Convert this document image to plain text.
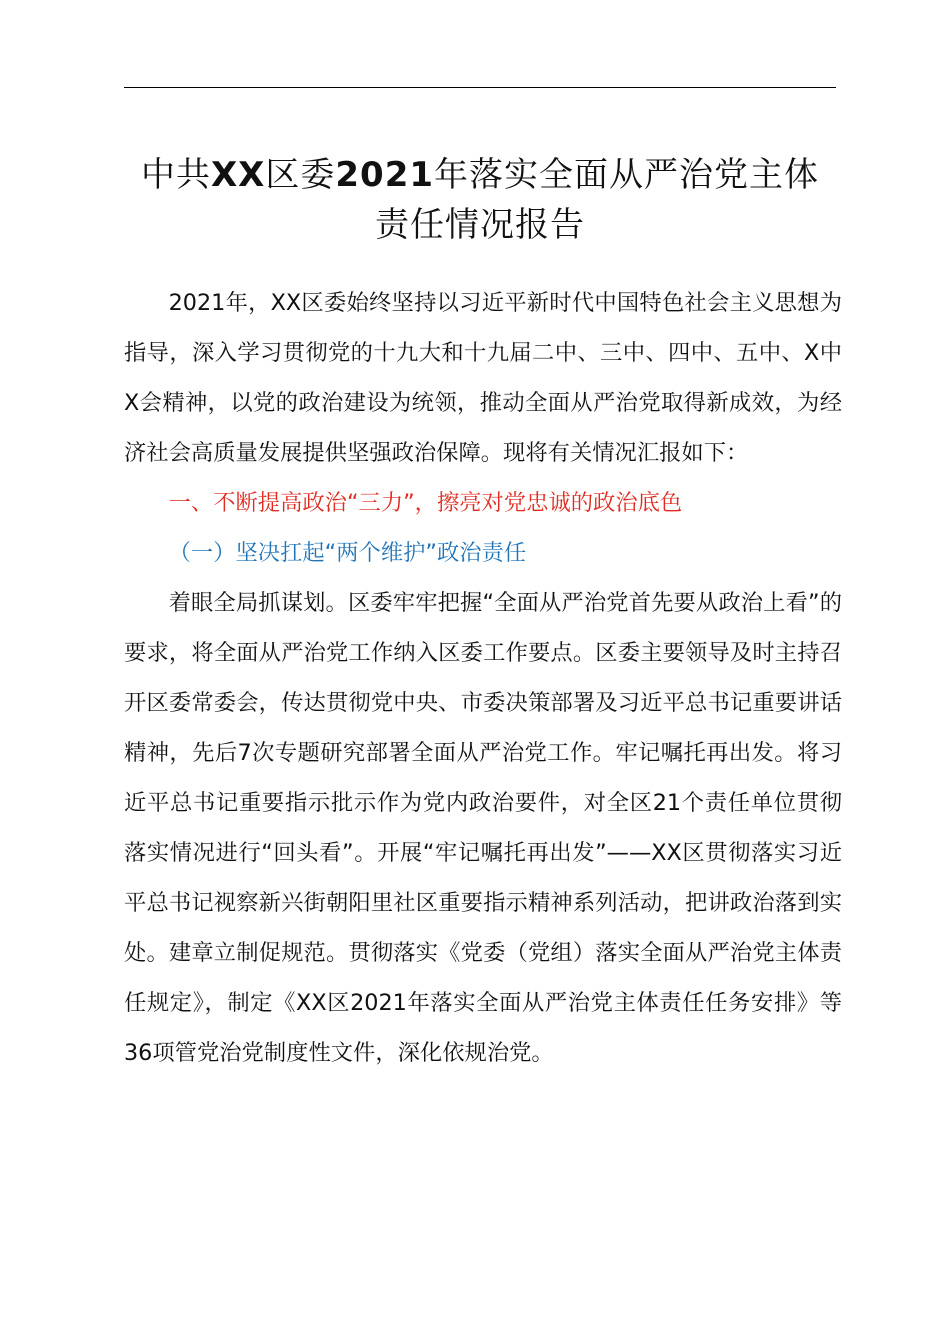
中共XX区委2021年落实全面从严治党主体
责任情况报告

2021年，XX区委始终坚持以习近平新时代中国特色社会主义思想为指导，深入学习贯彻党的十九大和十九届二中、三中、四中、五中、X中X会精神，以党的政治建设为统领，推动全面从严治党取得新成效，为经济社会高质量发展提供坚强政治保障。现将有关情况汇报如下：

一、不断提高政治“三力”，擦亮对党忠诚的政治底色

（一）坚决扛起“两个维护”政治责任

着眼全局抓谋划。区委牢牢把握“全面从严治党首先要从政治上看”的要求，将全面从严治党工作纳入区委工作要点。区委主要领导及时主持召开区委常委会，传达贯彻党中央、市委决策部署及习近平总书记重要讲话精神，先后7次专题研究部署全面从严治党工作。牢记嘱托再出发。将习近平总书记重要指示批示作为党内政治要件，对全区21个责任单位贯彻落实情况进行“回头看”。开展“牢记嘱托再出发”——XX区贯彻落实习近平总书记视察新兴街朝阳里社区重要指示精神系列活动，把讲政治落到实处。建章立制促规范。贯彻落实《党委（党组）落实全面从严治党主体责任规定》，制定《XX区2021年落实全面从严治党主体责任任务安排》等36项管党治党制度性文件，深化依规治党。
